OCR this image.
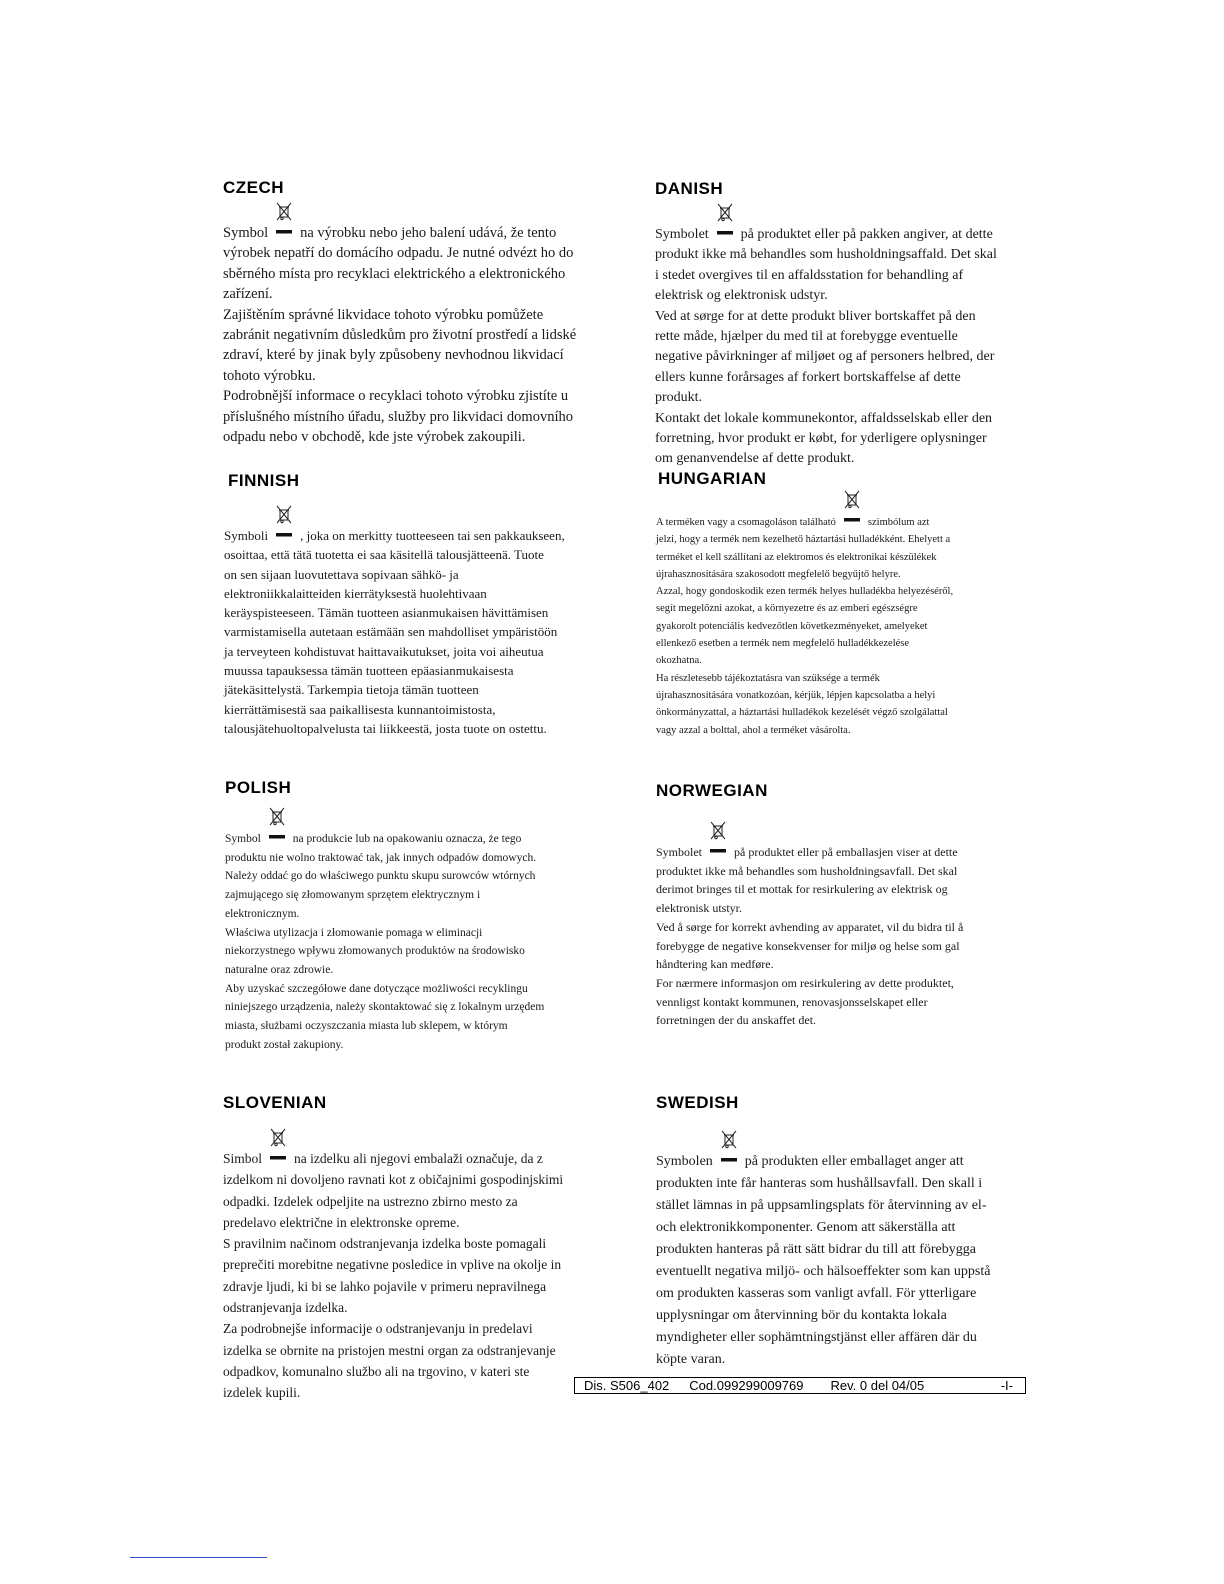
CZECH

Symbol na výrobku nebo jeho balení udává, že tento

výrobek nepatří do domácího odpadu. Je nutné odvézt ho do sběrného místa pro recyklaci elektrického a elektronického zařízení.
Zajištěním správné likvidace tohoto výrobku pomůžete zabránit negativním důsledkům pro životní prostředí a lidské zdraví, které by jinak byly způsobeny nevhodnou likvidací tohoto výrobku.
Podrobnější informace o recyklaci tohoto výrobku zjistíte u příslušného místního úřadu, služby pro likvidaci domovního odpadu nebo v obchodě, kde jste výrobek zakoupili.

DANISH

Symbolet på produktet eller på pakken angiver, at dette

produkt ikke må behandles som husholdningsaffald. Det skal i stedet overgives til en affaldsstation for behandling af elektrisk og elektronisk udstyr.
Ved at sørge for at dette produkt bliver bortskaffet på den rette måde, hjælper du med til at forebygge eventuelle negative påvirkninger af miljøet og af personers helbred, der ellers kunne forårsages af forkert bortskaffelse af dette produkt.
Kontakt det lokale kommunekontor, affaldsselskab eller den forretning, hvor produkt er købt, for yderligere oplysninger om genanvendelse af dette produkt.

FINNISH

Symboli , joka on merkitty tuotteeseen tai sen pakkaukseen,

osoittaa, että tätä tuotetta ei saa käsitellä talousjätteenä. Tuote on sen sijaan luovutettava sopivaan sähkö- ja elektroniikkalaitteiden kierrätyksestä huolehtivaan keräyspisteeseen. Tämän tuotteen asianmukaisen hävittämisen varmistamisella autetaan estämään sen mahdolliset ympäristöön ja terveyteen kohdistuvat haittavaikutukset, joita voi aiheutua muussa tapauksessa tämän tuotteen epäasianmukaisesta jätekäsittelystä. Tarkempia tietoja tämän tuotteen kierrättämisestä saa paikallisesta kunnantoimistosta, talousjätehuoltopalvelusta tai liikkeestä, josta tuote on ostettu.

HUNGARIAN

A terméken vagy a csomagoláson található	szimbólum azt

jelzi, hogy a termék nem kezelhető háztartási hulladékként. Ehelyett a terméket el kell szállítani az elektromos és elektronikai készülékek újrahasznosítására szakosodott megfelelő begyűjtő helyre.
Azzal, hogy gondoskodik ezen termék helyes hulladékba helyezéséről, segít megelőzni azokat, a környezetre és az emberi egészségre gyakorolt potenciális kedvezőtlen következményeket, amelyeket ellenkező esetben a termék nem megfelelő hulladékkezelése okozhatna.
Ha részletesebb tájékoztatásra van szüksége a termék újrahasznosítására vonatkozóan, kérjük, lépjen kapcsolatba a helyi önkormányzattal, a háztartási hulladékok kezelését végző szolgálattal vagy azzal a bolttal, ahol a terméket vásárolta.

POLISH

Symbol	na produkcie lub na opakowaniu oznacza, że tego

produktu nie wolno traktować tak, jak innych odpadów domowych. Należy oddać go do właściwego punktu skupu surowców wtórnych zajmującego się złomowanym sprzętem elektrycznym i elektronicznym.
Właściwa utylizacja i złomowanie pomaga w eliminacji niekorzystnego wpływu złomowanych produktów na środowisko naturalne oraz zdrowie.
Aby uzyskać szczegółowe dane dotyczące możliwości recyklingu niniejszego urządzenia, należy skontaktować się z lokalnym urzędem miasta, służbami oczyszczania miasta lub sklepem, w którym produkt został zakupiony.

NORWEGIAN

Symbolet	på produktet eller på emballasjen viser at dette

produktet ikke må behandles som husholdningsavfall. Det skal derimot bringes til et mottak for resirkulering av elektrisk og elektronisk utstyr.
Ved å sørge for korrekt avhending av apparatet, vil du bidra til å forebygge de negative konsekvenser for miljø og helse som gal håndtering kan medføre.
For nærmere informasjon om resirkulering av dette produktet, vennligst kontakt kommunen, renovasjonsselskapet eller forretningen der du anskaffet det.

SLOVENIAN

Simbol na izdelku ali njegovi embalaži označuje, da z

izdelkom ni dovoljeno ravnati kot z običajnimi gospodinjskimi odpadki. Izdelek odpeljite na ustrezno zbirno mesto za predelavo električne in elektronske opreme.
S pravilnim načinom odstranjevanja izdelka boste pomagali preprečiti morebitne negativne posledice in vplive na okolje in zdravje ljudi, ki bi se lahko pojavile v primeru nepravilnega odstranjevanja izdelka.
Za podrobnejše informacije o odstranjevanju in predelavi izdelka se obrnite na pristojen mestni organ za odstranjevanje odpadkov, komunalno službo ali na trgovino, v kateri ste izdelek kupili.

SWEDISH

Symbolen på produkten eller emballaget anger att

produkten inte får hanteras som hushållsavfall. Den skall i stället lämnas in på uppsamlingsplats för återvinning av el- och elektronikkomponenter. Genom att säkerställa att produkten hanteras på rätt sätt bidrar du till att förebygga eventuellt negativa miljö- och hälsoeffekter som kan uppstå om produkten kasseras som vanligt avfall. För ytterligare upplysningar om återvinning bör du kontakta lokala myndigheter eller sophämtningstjänst eller affären där du köpte varan.

Dis. S506_402 Cod.099299009769 Rev. 0 del 04/05	-I-
